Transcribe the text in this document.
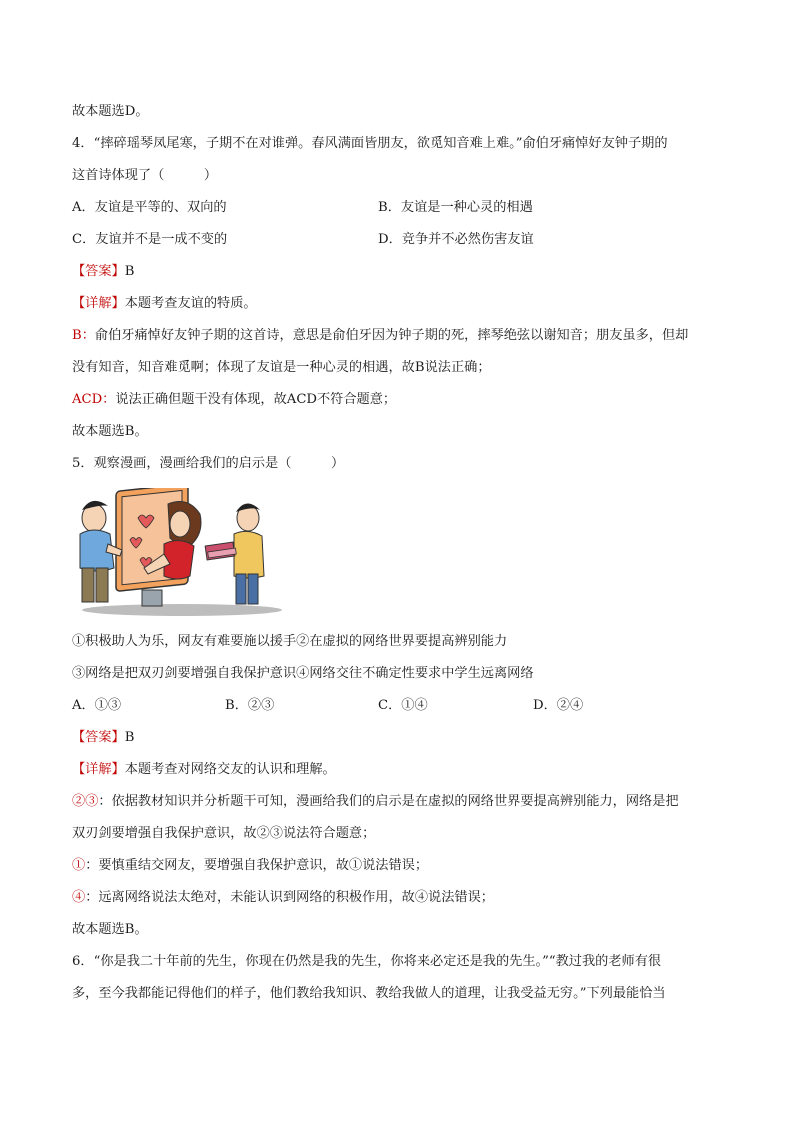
故本题选D。
4．“摔碎瑶琴凤尾寒，子期不在对谁弹。春风满面皆朋友，欲觅知音难上难。”俞伯牙痛悼好友钟子期的
这首诗体现了（　　　）
A．友谊是平等的、双向的	B．友谊是一种心灵的相遇
C．友谊并不是一成不变的	D．竞争并不必然伤害友谊
【答案】B
【详解】本题考查友谊的特质。
B：俞伯牙痛悼好友钟子期的这首诗，意思是俞伯牙因为钟子期的死，摔琴绝弦以谢知音；朋友虽多，但却
没有知音，知音难觅啊；体现了友谊是一种心灵的相遇，故B说法正确；
ACD：说法正确但题干没有体现，故ACD不符合题意；
故本题选B。
5．观察漫画，漫画给我们的启示是（　　　）
①积极助人为乐，网友有难要施以援手②在虚拟的网络世界要提高辨别能力
③网络是把双刃剑要增强自我保护意识④网络交往不确定性要求中学生远离网络
A．①③	B．②③	C．①④	D．②④
【答案】B
【详解】本题考查对网络交友的认识和理解。
②③：依据教材知识并分析题干可知，漫画给我们的启示是在虚拟的网络世界要提高辨别能力，网络是把
双刃剑要增强自我保护意识，故②③说法符合题意；
①：要慎重结交网友，要增强自我保护意识，故①说法错误；
④：远离网络说法太绝对，未能认识到网络的积极作用，故④说法错误；
故本题选B。
6．“你是我二十年前的先生，你现在仍然是我的先生，你将来必定还是我的先生。”“教过我的老师有很
多，至今我都能记得他们的样子，他们教给我知识、教给我做人的道理，让我受益无穷。”下列最能恰当
